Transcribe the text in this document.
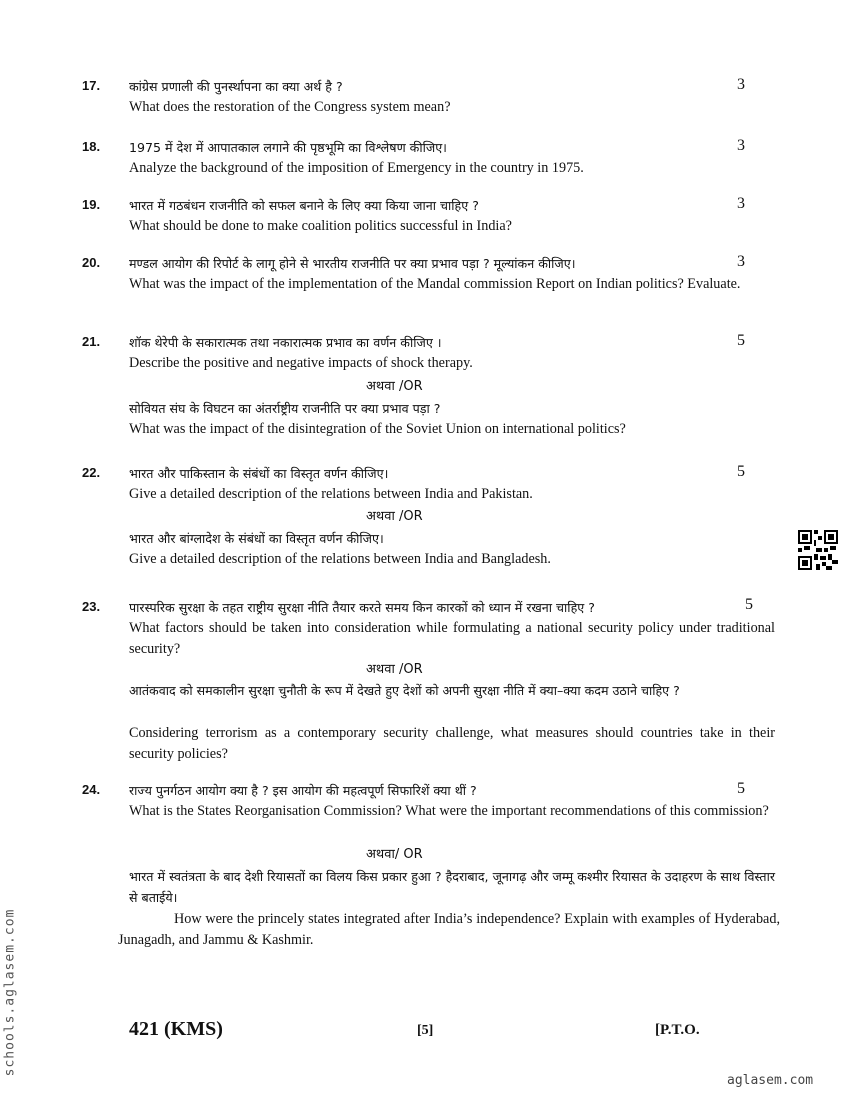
17.	3
कांग्रेस प्रणाली की पुनर्स्थापना का क्या अर्थ है ?
What does the restoration of the Congress system mean?
18.	3
1975 में देश में आपातकाल लगाने की पृष्ठभूमि का विश्लेषण कीजिए।
Analyze the background of the imposition of Emergency in the country in 1975.
19.	3
भारत में गठबंधन राजनीति को सफल बनाने के लिए क्या किया जाना चाहिए ?
What should be done to make coalition politics successful in India?
20.	3
मण्डल आयोग की रिपोर्ट के लागू होने से भारतीय राजनीति पर क्या प्रभाव पड़ा ? मूल्यांकन कीजिए।
What was the impact of the implementation of the Mandal commission Report on Indian politics? Evaluate.
21.	5
शॉक थेरेपी के सकारात्मक तथा नकारात्मक प्रभाव का वर्णन कीजिए ।
Describe the positive and negative impacts of shock therapy.
अथवा /OR
सोवियत संघ के विघटन का अंतर्राष्ट्रीय राजनीति पर क्या प्रभाव पड़ा ?
What was the impact of the disintegration of the Soviet Union on international politics?
22.	5
भारत और पाकिस्तान के संबंधों का विस्तृत वर्णन कीजिए।
Give a detailed description of the relations between India and Pakistan.
अथवा /OR
भारत और बांग्लादेश के संबंधों का विस्तृत वर्णन कीजिए।
Give a detailed description of the relations between India and Bangladesh.
23.	5
पारस्परिक सुरक्षा के तहत राष्ट्रीय सुरक्षा नीति तैयार करते समय किन कारकों को ध्यान में रखना चाहिए ?
What factors should be taken into consideration while formulating a national security policy under traditional security?
अथवा /OR
आतंकवाद को समकालीन सुरक्षा चुनौती के रूप में देखते हुए देशों को अपनी सुरक्षा नीति में क्या–क्या कदम उठाने चाहिए ?
Considering terrorism as a contemporary security challenge, what measures should countries take in their security policies?
24.	5
राज्य पुनर्गठन आयोग क्या है ? इस आयोग की महत्वपूर्ण सिफारिशें क्या थीं ?
What is the States Reorganisation Commission? What were the important recommendations of this commission?
अथवा/ OR
भारत में स्वतंत्रता के बाद देशी रियासतों का विलय किस प्रकार हुआ ? हैदराबाद, जूनागढ़ और जम्मू कश्मीर रियासत के उदाहरण के साथ विस्तार से बताईये।
How were the princely states integrated after India’s independence? Explain with examples of Hyderabad, Junagadh, and Jammu & Kashmir.
421 (KMS)	[5]	[P.T.O.
schools.aglasem.com
aglasem.com
